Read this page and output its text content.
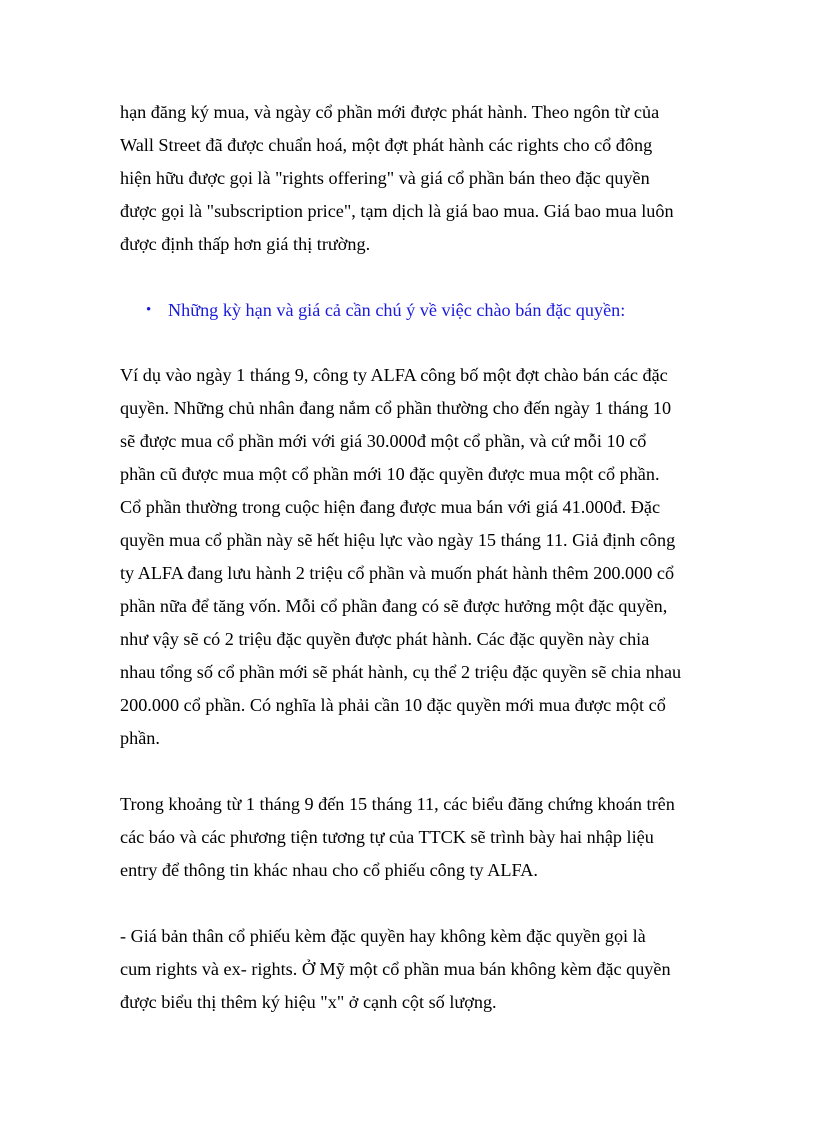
hạn đăng ký mua, và ngày cổ phần mới được phát hành. Theo ngôn từ của
Wall Street đã được chuẩn hoá, một đợt phát hành các rights cho cổ đông
hiện hữu được gọi là "rights offering" và giá cổ phần bán theo đặc quyền
được gọi là "subscription price", tạm dịch là giá bao mua. Giá bao mua luôn
được định thấp hơn giá thị trường.

• Những kỳ hạn và giá cả cần chú ý về việc chào bán đặc quyền:

Ví dụ vào ngày 1 tháng 9, công ty ALFA công bố một đợt chào bán các đặc
quyền. Những chủ nhân đang nắm cổ phần thường cho đến ngày 1 tháng 10
sẽ được mua cổ phần mới với giá 30.000đ một cổ phần, và cứ mỗi 10 cổ
phần cũ được mua một cổ phần mới 10 đặc quyền được mua một cổ phần.
Cổ phần thường trong cuộc hiện đang được mua bán với giá 41.000đ. Đặc
quyền mua cổ phần này sẽ hết hiệu lực vào ngày 15 tháng 11. Giả định công
ty ALFA đang lưu hành 2 triệu cổ phần và muốn phát hành thêm 200.000 cổ
phần nữa để tăng vốn. Mỗi cổ phần đang có sẽ được hưởng một đặc quyền,
như vậy sẽ có 2 triệu đặc quyền được phát hành. Các đặc quyền này chia
nhau tổng số cổ phần mới sẽ phát hành, cụ thể 2 triệu đặc quyền sẽ chia nhau
200.000 cổ phần. Có nghĩa là phải cần 10 đặc quyền mới mua được một cổ
phần.

Trong khoảng từ 1 tháng 9 đến 15 tháng 11, các biểu đăng chứng khoán trên
các báo và các phương tiện tương tự của TTCK sẽ trình bày hai nhập liệu
entry để thông tin khác nhau cho cổ phiếu công ty ALFA.

- Giá bản thân cổ phiếu kèm đặc quyền hay không kèm đặc quyền gọi là
cum rights và ex- rights. Ở Mỹ một cổ phần mua bán không kèm đặc quyền
được biểu thị thêm ký hiệu "x" ở cạnh cột số lượng.
